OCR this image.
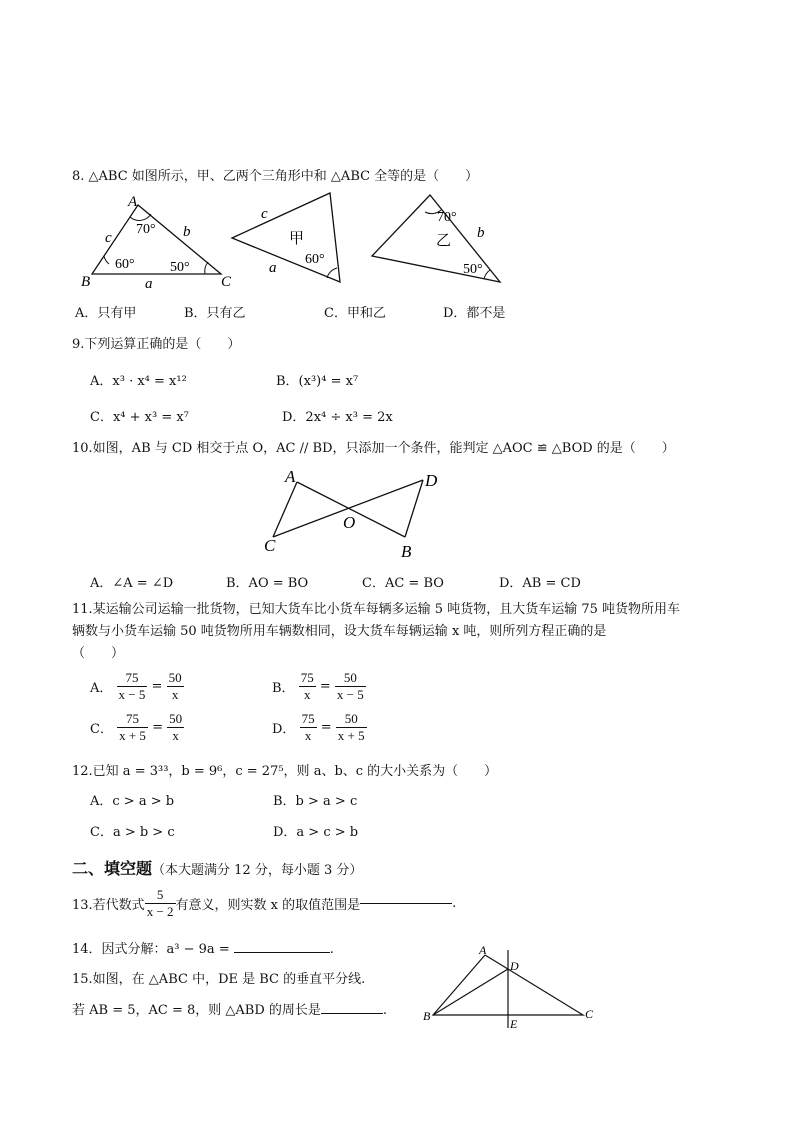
8. △ABC 如图所示，甲、乙两个三角形中和 △ABC 全等的是（　　）
A
B	C
c	b
a
70°
60°	50°
c
a
甲
60°
70°
b
乙
50°
A．只有甲	B．只有乙	C．甲和乙	D．都不是
9.下列运算正确的是（　　）
A．x³ · x⁴ = x¹²	B．(x³)⁴ = x⁷
C．x⁴ + x³ = x⁷	D．2x⁴ ÷ x³ = 2x
10.如图，AB 与 CD 相交于点 O，AC // BD，只添加一个条件，能判定 △AOC ≌ △BOD 的是（　　）
A	D
O
C	B
A．∠A = ∠D	B．AO = BO	C．AC = BO	D．AB = CD
11.某运输公司运输一批货物，已知大货车比小货车每辆多运输 5 吨货物，且大货车运输 75 吨货物所用车
辆数与小货车运输 50 吨货物所用车辆数相同，设大货车每辆运输 x 吨，则所列方程正确的是
（　　）
A． $\frac{75}{x - 5} = \frac{50}{x}$	B． $\frac{75}{x} = \frac{50}{x - 5}$
C． $\frac{75}{x + 5} = \frac{50}{x}$	D． $\frac{75}{x} = \frac{50}{x + 5}$
12.已知 a = 3³³，b = 9⁶，c = 27⁵，则 a、b、c 的大小关系为（　　）
A．c > a > b	B．b > a > c
C．a > b > c	D．a > c > b
二、填空题（本大题满分 12 分，每小题 3 分）
13.若代数式 $\frac{5}{x - 2}$ 有意义，则实数 x 的取值范围是	.
14．因式分解：a³ − 9a =	.
15.如图，在 △ABC 中，DE 是 BC 的垂直平分线.
若 AB = 5，AC = 8，则 △ABD 的周长是	.
A
D
B	C
E
